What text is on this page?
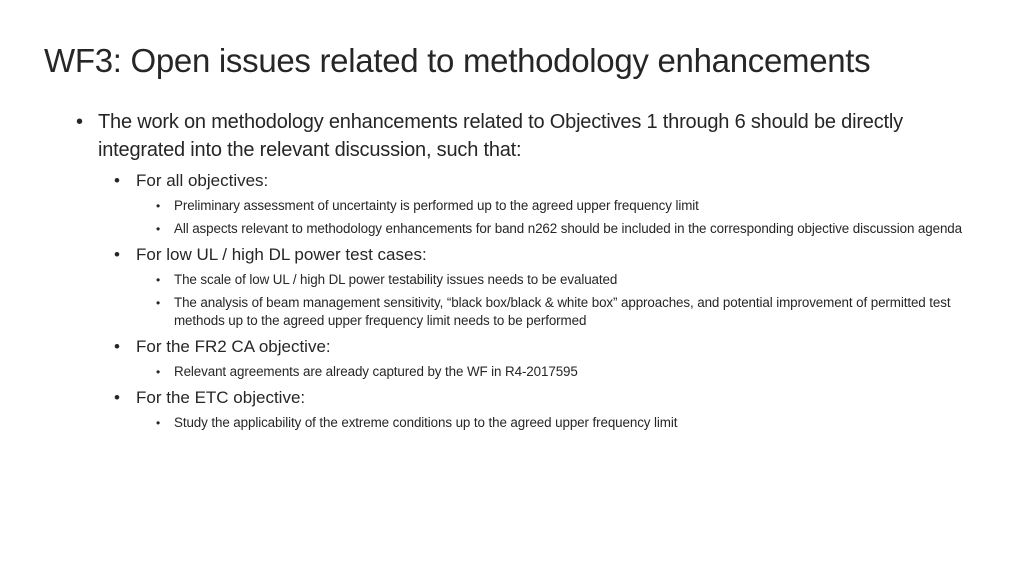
WF3: Open issues related to methodology enhancements
• The work on methodology enhancements related to Objectives 1 through 6 should be directly integrated into the relevant discussion, such that:
• For all objectives:
• Preliminary assessment of uncertainty is performed up to the agreed upper frequency limit
• All aspects relevant to methodology enhancements for band n262 should be included in the corresponding objective discussion agenda
• For low UL / high DL power test cases:
• The scale of low UL / high DL power testability issues needs to be evaluated
• The analysis of beam management sensitivity, “black box/black & white box” approaches, and potential improvement of permitted test methods up to the agreed upper frequency limit needs to be performed
• For the FR2 CA objective:
• Relevant agreements are already captured by the WF in R4-2017595
• For the ETC objective:
• Study the applicability of the extreme conditions up to the agreed upper frequency limit
